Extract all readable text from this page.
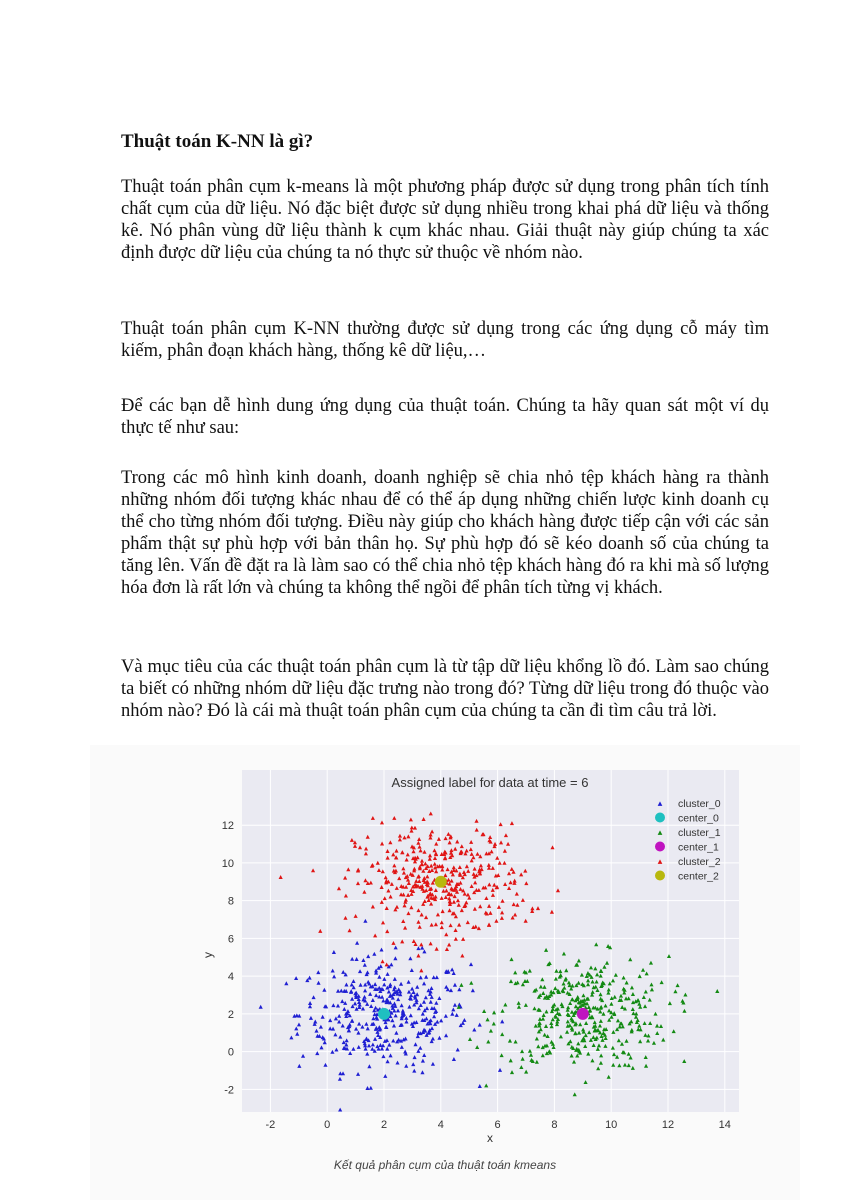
Thuật toán K-NN là gì?

Thuật toán phân cụm k-means là một phương pháp được sử dụng trong phân tích tính chất cụm của dữ liệu. Nó đặc biệt được sử dụng nhiều trong khai phá dữ liệu và thống kê. Nó phân vùng dữ liệu thành k cụm khác nhau. Giải thuật này giúp chúng ta xác định được dữ liệu của chúng ta nó thực sử thuộc về nhóm nào.

Thuật toán phân cụm K-NN thường được sử dụng trong các ứng dụng cỗ máy tìm kiếm, phân đoạn khách hàng, thống kê dữ liệu,…

Để các bạn dễ hình dung ứng dụng của thuật toán. Chúng ta hãy quan sát một ví dụ thực tế như sau:

Trong các mô hình kinh doanh, doanh nghiệp sẽ chia nhỏ tệp khách hàng ra thành những nhóm đối tượng khác nhau để có thể áp dụng những chiến lược kinh doanh cụ thể cho từng nhóm đối tượng. Điều này giúp cho khách hàng được tiếp cận với các sản phẩm thật sự phù hợp với bản thân họ. Sự phù hợp đó sẽ kéo doanh số của chúng ta tăng lên. Vấn đề đặt ra là làm sao có thể chia nhỏ tệp khách hàng đó ra khi mà số lượng hóa đơn là rất lớn và chúng ta không thể ngồi để phân tích từng vị khách.

Và mục tiêu của các thuật toán phân cụm là từ tập dữ liệu khổng lồ đó. Làm sao chúng ta biết có những nhóm dữ liệu đặc trưng nào trong đó? Từng dữ liệu trong đó thuộc vào nhóm nào? Đó là cái mà thuật toán phân cụm của chúng ta cần đi tìm câu trả lời.

-2	0	2	4	6	8	10	12	14
-2
0
2
4
6
8
10
12
Assigned label for data at time = 6
x
y
cluster_0
center_0
cluster_1
center_1
cluster_2
center_2
Kết quả phân cụm của thuật toán kmeans
